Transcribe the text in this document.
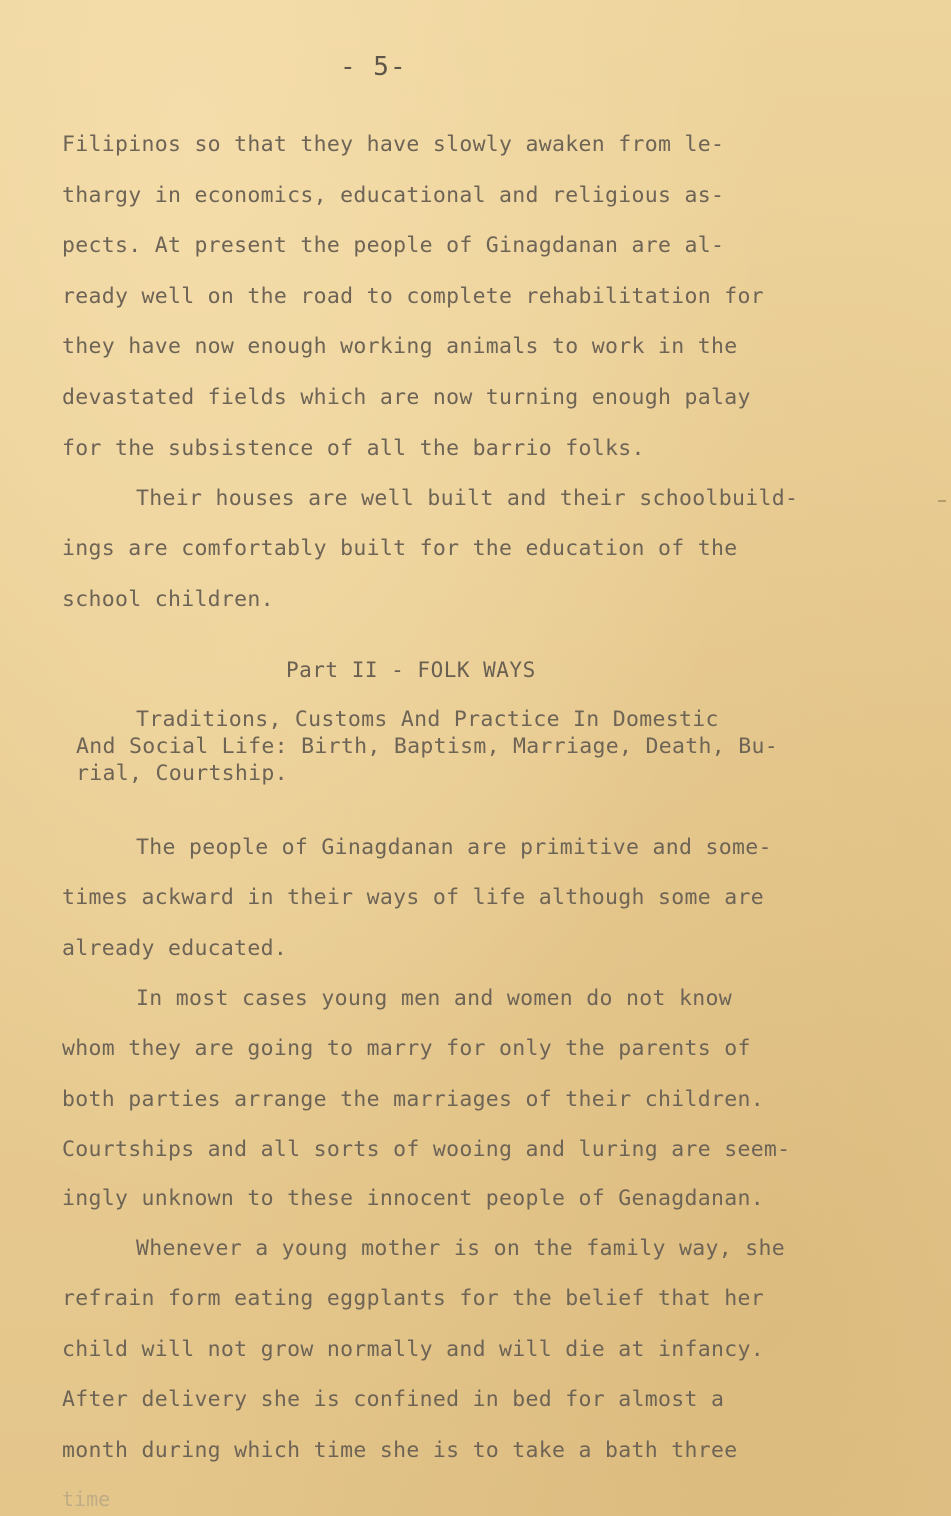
- 5-
Filipinos so that they have slowly awaken from le-
thargy in economics, educational and religious as-
pects. At present the people of Ginagdanan are al-
ready well on the road to complete rehabilitation for
they have now enough working animals to work in the
devastated fields which are now turning enough palay
for the subsistence of all the barrio folks.
Their houses are well built and their schoolbuild-
ings are comfortably built for the education of the
school children.
Part II - FOLK WAYS
Traditions, Customs And Practice In Domestic
And Social Life: Birth, Baptism, Marriage, Death, Bu-
rial, Courtship.
The people of Ginagdanan are primitive and some-
times ackward in their ways of life although some are
already educated.
In most cases young men and women do not know
whom they are going to marry for only the parents of
both parties arrange the marriages of their children.
Courtships and all sorts of wooing and luring are seem-
ingly unknown to these innocent people of Genagdanan.
Whenever a young mother is on the family way, she
refrain form eating eggplants for the belief that her
child will not grow normally and will die at infancy.
After delivery she is confined in bed for almost a
month during which time she is to take a bath three
time
